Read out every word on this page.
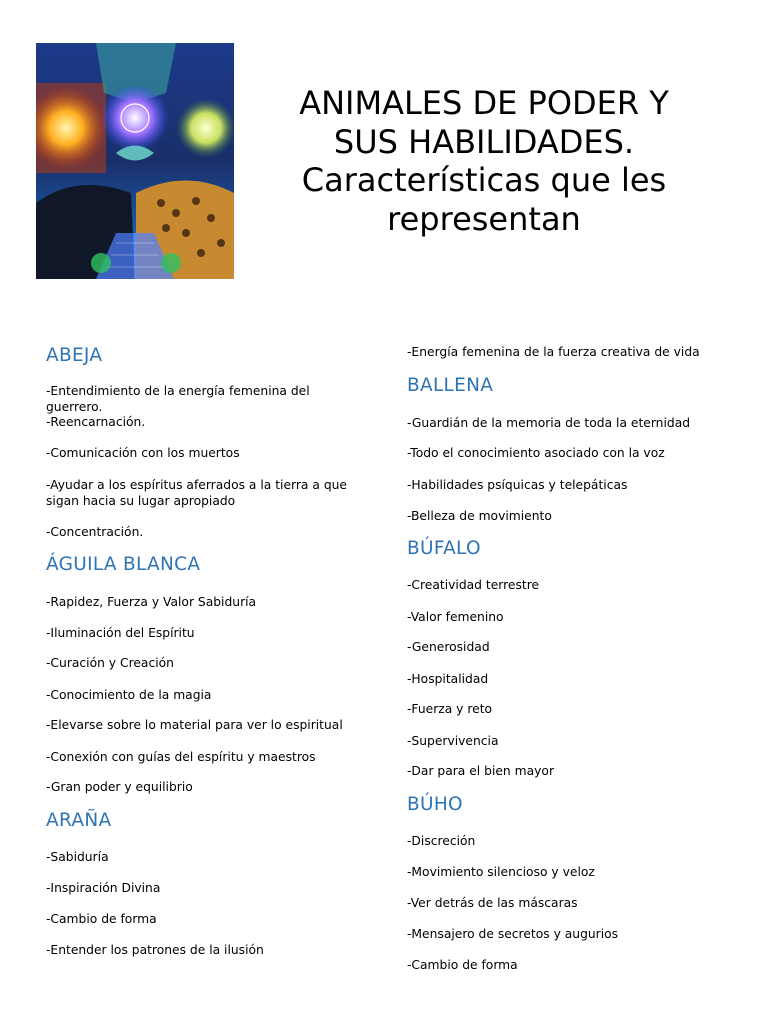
ANIMALES DE PODER Y
SUS HABILIDADES.
Características que les
representan
ABEJA
-Entendimiento de la energía femenina del guerrero.
-Reencarnación.
-Comunicación con los muertos
-Ayudar a los espíritus aferrados a la tierra a que sigan hacia su lugar apropiado
-Concentración.
ÁGUILA BLANCA
-Rapidez, Fuerza y Valor Sabiduría
-Iluminación del Espíritu
-Curación y Creación
-Conocimiento de la magia
-Elevarse sobre lo material para ver lo espiritual
-Conexión con guías del espíritu y maestros
-Gran poder y equilibrio
ARAÑA
-Sabiduría
-Inspiración Divina
-Cambio de forma
-Entender los patrones de la ilusión
-Energía femenina de la fuerza creativa de vida
BALLENA
-Guardián de la memoria de toda la eternidad
-Todo el conocimiento asociado con la voz
-Habilidades psíquicas y telepáticas
-Belleza de movimiento
BÚFALO
-Creatividad terrestre
-Valor femenino
-Generosidad
-Hospitalidad
-Fuerza y reto
-Supervivencia
-Dar para el bien mayor
BÚHO
-Discreción
-Movimiento silencioso y veloz
-Ver detrás de las máscaras
-Mensajero de secretos y augurios
-Cambio de forma
